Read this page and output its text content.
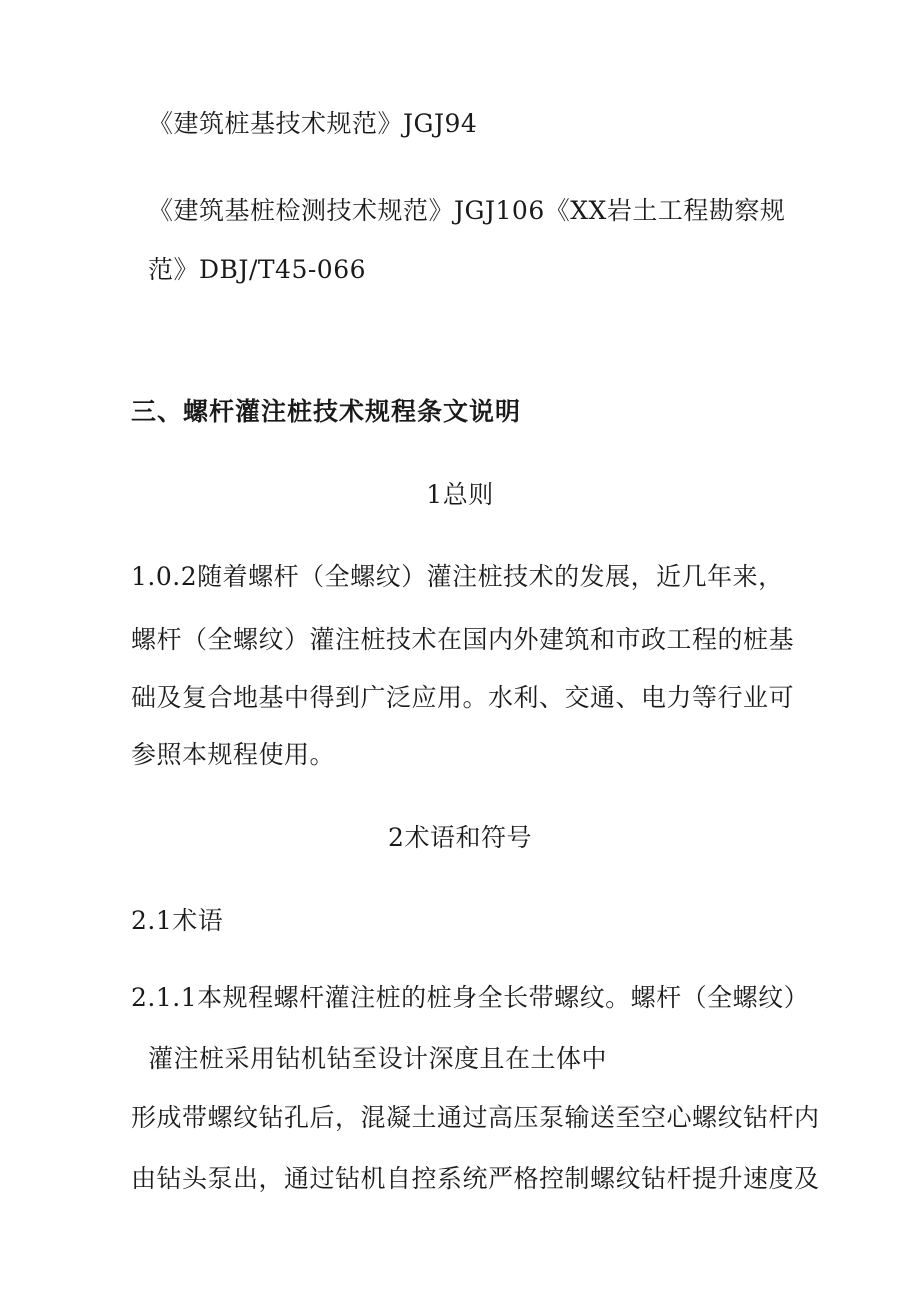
《建筑桩基技术规范》JGJ94
《建筑基桩检测技术规范》JGJ106《XX岩土工程勘察规
范》DBJ/T45-066
三、螺杆灌注桩技术规程条文说明
1总则
1.0.2随着螺杆（全螺纹）灌注桩技术的发展，近几年来，
螺杆（全螺纹）灌注桩技术在国内外建筑和市政工程的桩基
础及复合地基中得到广泛应用。水利、交通、电力等行业可
参照本规程使用。
2术语和符号
2.1术语
2.1.1本规程螺杆灌注桩的桩身全长带螺纹。螺杆（全螺纹）
灌注桩采用钻机钻至设计深度且在土体中
形成带螺纹钻孔后，混凝土通过高压泵输送至空心螺纹钻杆内
由钻头泵出，通过钻机自控系统严格控制螺纹钻杆提升速度及
